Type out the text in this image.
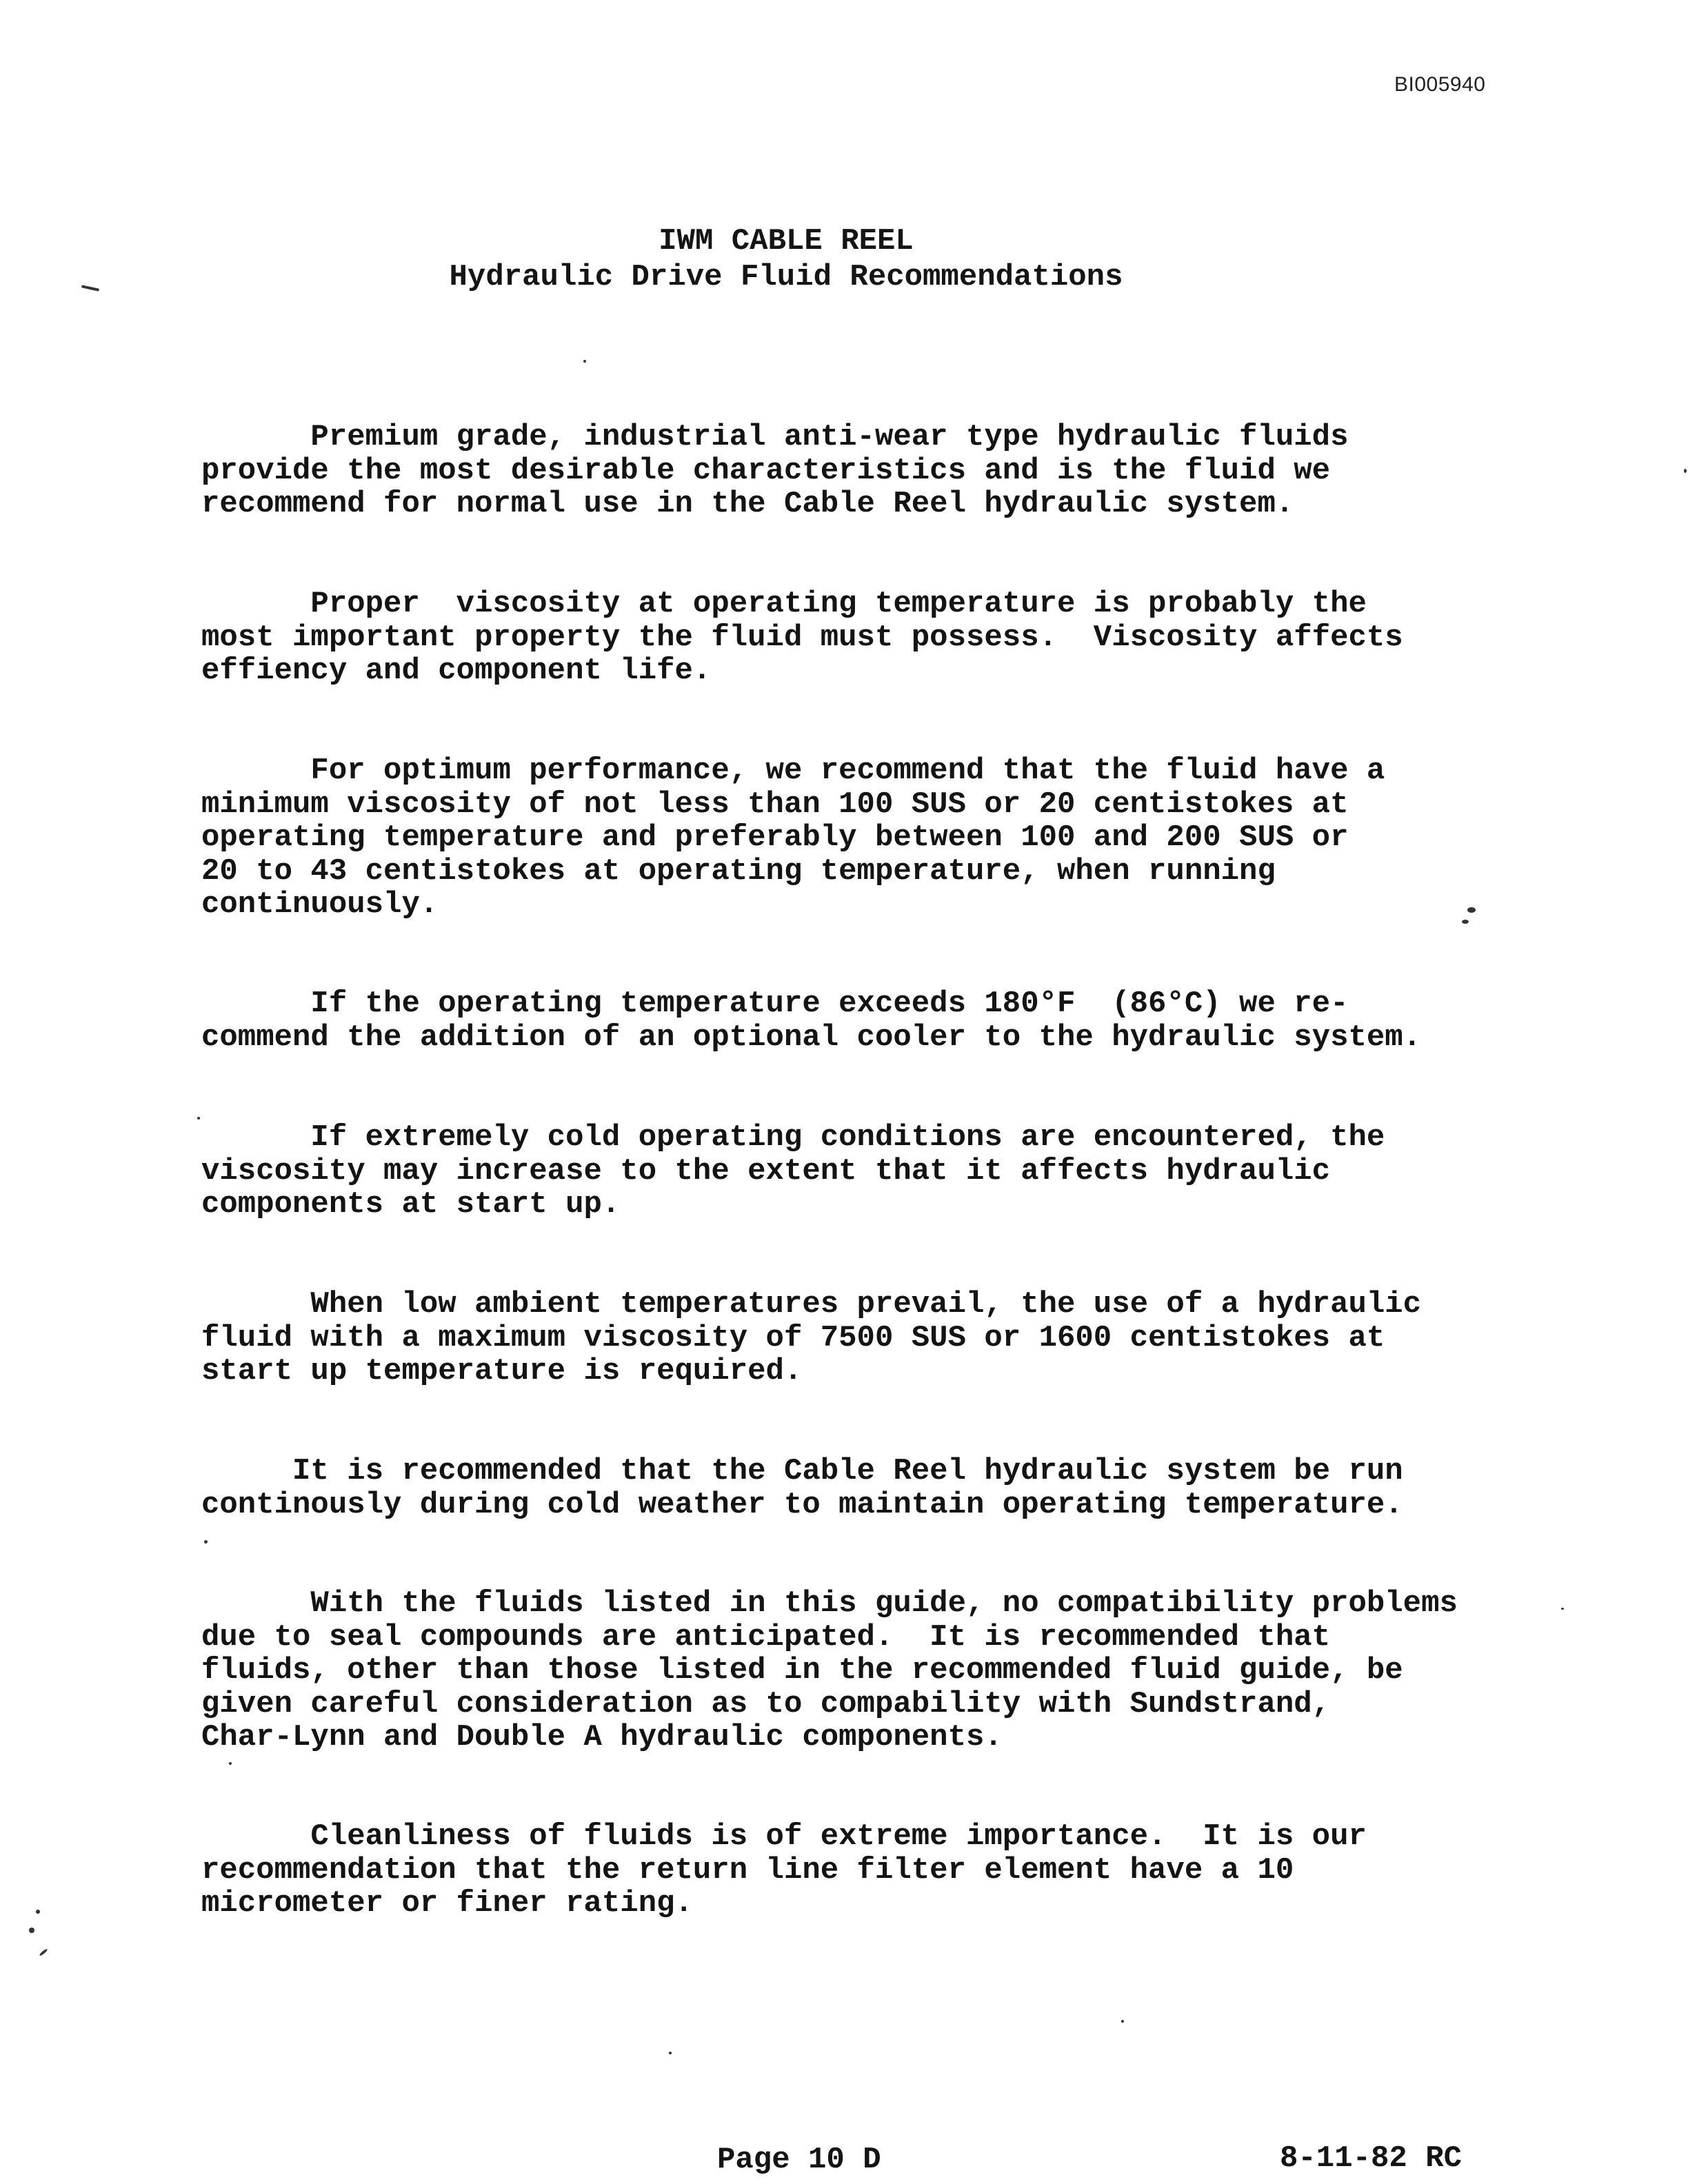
BI005940
IWM CABLE REEL
Hydraulic Drive Fluid Recommendations
Premium grade, industrial anti-wear type hydraulic fluids
provide the most desirable characteristics and is the fluid we
recommend for normal use in the Cable Reel hydraulic system.
Proper  viscosity at operating temperature is probably the
most important property the fluid must possess.  Viscosity affects
effiency and component life.
For optimum performance, we recommend that the fluid have a
minimum viscosity of not less than 100 SUS or 20 centistokes at
operating temperature and preferably between 100 and 200 SUS or
20 to 43 centistokes at operating temperature, when running
continuously.
If the operating temperature exceeds 180°F  (86°C) we re-
commend the addition of an optional cooler to the hydraulic system.
If extremely cold operating conditions are encountered, the
viscosity may increase to the extent that it affects hydraulic
components at start up.
When low ambient temperatures prevail, the use of a hydraulic
fluid with a maximum viscosity of 7500 SUS or 1600 centistokes at
start up temperature is required.
It is recommended that the Cable Reel hydraulic system be run
continously during cold weather to maintain operating temperature.
With the fluids listed in this guide, no compatibility problems
due to seal compounds are anticipated.  It is recommended that
fluids, other than those listed in the recommended fluid guide, be
given careful consideration as to compability with Sundstrand,
Char-Lynn and Double A hydraulic components.
Cleanliness of fluids is of extreme importance.  It is our
recommendation that the return line filter element have a 10
micrometer or finer rating.
Page 10 D	8-11-82 RC
